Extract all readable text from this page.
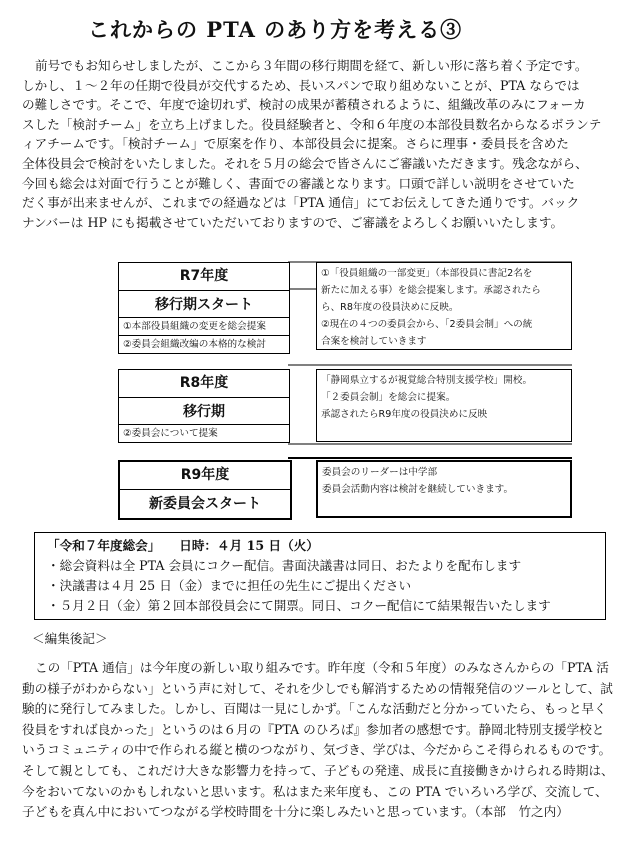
これからの PTA のあり方を考える③

前号でもお知らせしましたが、ここから３年間の移行期間を経て、新しい形に落ち着く予定です。
しかし、１～２年の任期で役員が交代するため、長いスパンで取り組めないことが、PTA ならでは
の難しさです。そこで、年度で途切れず、検討の成果が蓄積されるように、組織改革のみにフォーカ
スした「検討チーム」を立ち上げました。役員経験者と、令和６年度の本部役員数名からなるボランテ
ィアチームです。「検討チーム」で原案を作り、本部役員会に提案。さらに理事・委員長を含めた
全体役員会で検討をいたしました。それを５月の総会で皆さんにご審議いただきます。残念ながら、
今回も総会は対面で行うことが難しく、書面での審議となります。口頭で詳しい説明をさせていた
だく事が出来ませんが、これまでの経過などは「PTA 通信」にてお伝えしてきた通りです。バック
ナンバーは HP にも掲載させていただいておりますので、ご審議をよろしくお願いいたします。

R7年度
移行期スタート
①本部役員組織の変更を総会提案
②委員会組織改編の本格的な検討
①「役員組織の一部変更」（本部役員に書記2名を
新たに加える事）を総会提案します。承認されたら
ら、R8年度の役員決めに反映。
②現在の４つの委員会から、「2委員会制」への統
合案を検討していきます
R8年度
移行期
②委員会について提案
「静岡県立するが視覚総合特別支援学校」開校。
「２委員会制」を総会に提案。
承認されたらR9年度の役員決めに反映
R9年度
新委員会スタート
委員会のリーダーは中学部
委員会活動内容は検討を継続していきます。
「令和７年度総会」　　日時：４月 15 日（火）
・総会資料は全 PTA 会員にコクー配信。書面決議書は同日、おたよりを配布します
・決議書は４月 25 日（金）までに担任の先生にご提出ください
・５月２日（金）第２回本部役員会にて開票。同日、コクー配信にて結果報告いたします
＜編集後記＞

この「PTA 通信」は今年度の新しい取り組みです。昨年度（令和５年度）のみなさんからの「PTA 活
動の様子がわからない」という声に対して、それを少しでも解消するための情報発信のツールとして、試
験的に発行してみました。しかし、百聞は一見にしかず。「こんな活動だと分かっていたら、もっと早く
役員をすれば良かった」というのは６月の『PTA のひろば』参加者の感想です。静岡北特別支援学校と
いうコミュニティの中で作られる縦と横のつながり、気づき、学びは、今だからこそ得られるものです。
そして親としても、これだけ大きな影響力を持って、子どもの発達、成長に直接働きかけられる時期は、
今をおいてないのかもしれないと思います。私はまた来年度も、この PTA でいろいろ学び、交流して、
子どもを真ん中においてつながる学校時間を十分に楽しみたいと思っています。（本部　竹之内）
